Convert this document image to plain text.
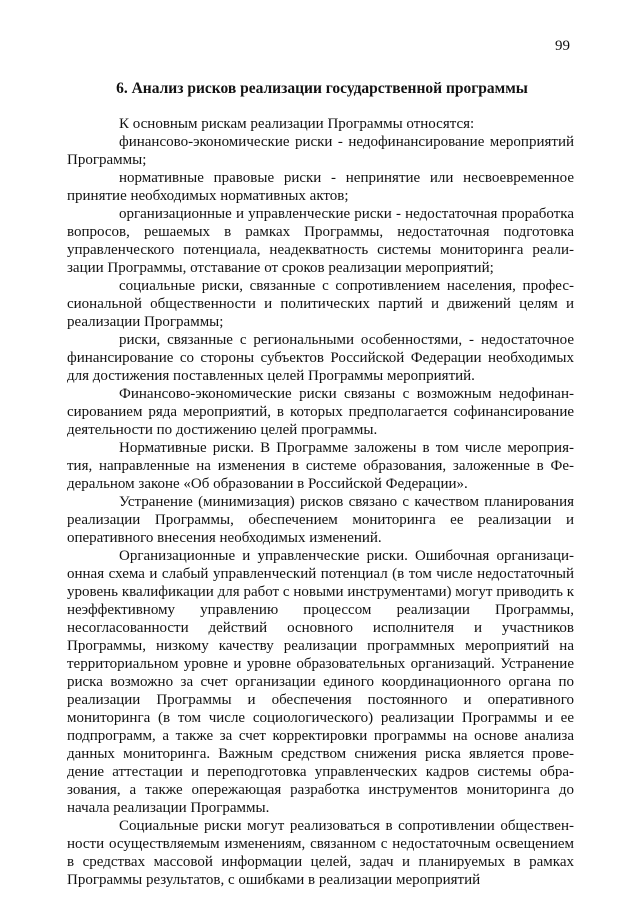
99
6. Анализ рисков реализации государственной программы

К основным рискам реализации Программы относятся:

финансово-экономические риски - недофинансирование мероприятий Программы;

нормативные правовые риски - непринятие или несвоевременное принятие необходимых нормативных актов;

организационные и управленческие риски - недостаточная проработка вопросов, решаемых в рамках Программы, недостаточная подготовка управленческого потенциала, неадекватность системы мониторинга реализации Программы, отставание от сроков реализации мероприятий;

социальные риски, связанные с сопротивлением населения, профессиональной общественности и политических партий и движений целям и реализации Программы;

риски, связанные с региональными особенностями, - недостаточное финансирование со стороны субъектов Российской Федерации необходимых для достижения поставленных целей Программы мероприятий.

Финансово-экономические риски связаны с возможным недофинансированием ряда мероприятий, в которых предполагается софинансирование деятельности по достижению целей программы.

Нормативные риски. В Программе заложены в том числе мероприятия, направленные на изменения в системе образования, заложенные в Федеральном законе «Об образовании в Российской Федерации».

Устранение (минимизация) рисков связано с качеством планирования реализации Программы, обеспечением мониторинга ее реализации и оперативного внесения необходимых изменений.

Организационные и управленческие риски. Ошибочная организационная схема и слабый управленческий потенциал (в том числе недостаточный уровень квалификации для работ с новыми инструментами) могут приводить к неэффективному управлению процессом реализации Программы, несогласованности действий основного исполнителя и участников Программы, низкому качеству реализации программных мероприятий на территориальном уровне и уровне образовательных организаций. Устранение риска возможно за счет организации единого координационного органа по реализации Программы и обеспечения постоянного и оперативного мониторинга (в том числе социологического) реализации Программы и ее подпрограмм, а также за счет корректировки программы на основе анализа данных мониторинга. Важным средством снижения риска является проведение аттестации и переподготовка управленческих кадров системы образования, а также опережающая разработка инструментов мониторинга до начала реализации Программы.

Социальные риски могут реализоваться в сопротивлении общественности осуществляемым изменениям, связанном с недостаточным освещением в средствах массовой информации целей, задач и планируемых в рамках Программы результатов, с ошибками в реализации мероприятий
